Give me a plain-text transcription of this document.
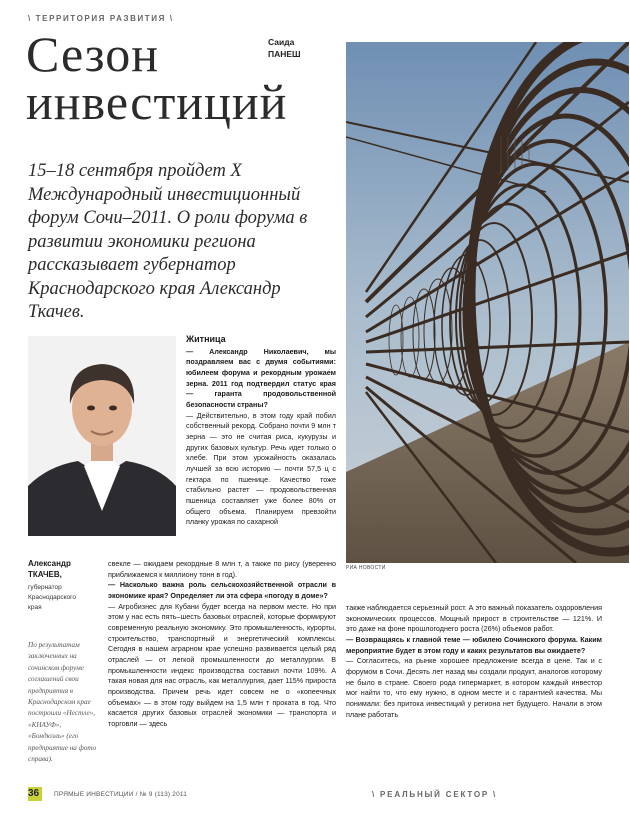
\ ТЕРРИТОРИЯ РАЗВИТИЯ \
Сезон
инвестиций
Саида
ПАНЕШ
15–18 сентября пройдет X Международный инвестиционный форум Сочи–2011. О роли форума в развитии экономики региона рассказывает губернатор Краснодарского края Александр Ткачев.
РИА НОВОСТИ
Александр
ТКАЧЕВ,
губернатор
Краснодарского
края
По результатам заключенных на сочинском форуме соглашений свои предприятия в Краснодарском крае построили «Нестле», «КНАУФ», «Бондюэль» (его предприятие на фото справа).
Житница

— Александр Николаевич, мы поздравляем вас с двумя событиями: юбилеем форума и рекордным урожаем зерна. 2011 год подтвердил статус края — гаранта продовольственной безопасности страны?

— Действительно, в этом году край побил собственный рекорд. Собрано почти 9 млн т зерна — это не считая риса, кукурузы и других базовых культур. Речь идет только о хлебе. При этом урожайность оказалась лучшей за всю историю — почти 57,5 ц с гектара по пшенице. Качество тоже стабильно растет — продовольственная пшеница составляет уже более 80% от общего объема. Планируем превзойти планку урожая по сахарной

свекле — ожидаем рекордные 8 млн т, а также по рису (уверенно приближаемся к миллиону тонн в год).

— Насколько важна роль сельскохозяйственной отрасли в экономике края? Определяет ли эта сфера «погоду в доме»?

— Агробизнес для Кубани будет всегда на первом месте. Но при этом у нас есть пять–шесть базовых отраслей, которые формируют современную реальную экономику. Это промышленность, курорты, строительство, транспортный и энергетический комплексы. Сегодня в нашем аграрном крае успешно развивается целый ряд отраслей — от легкой промышленности до металлургии. В промышленности индекс производства составил почти 109%. А такая новая для нас отрасль, как металлургия, дает 115% прироста производства. Причем речь идет совсем не о «копеечных объемах» — в этом году выйдем на 1,5 млн т проката в год. Что касается других базовых отраслей экономики — транспорта и торговли — здесь

также наблюдается серьезный рост. А это важный показатель оздоровления экономических процессов. Мощный прирост в строительстве — 121%. И это даже на фоне прошлогоднего роста (26%) объемов работ.

— Возвращаясь к главной теме — юбилею Сочинского форума. Каким мероприятие будет в этом году и каких результатов вы ожидаете?

— Согласитесь, на рынке хорошее предложение всегда в цене. Так и с форумом в Сочи. Десять лет назад мы создали продукт, аналогов которому не было в стране. Своего рода гипермаркет, в котором каждый инвестор мог найти то, что ему нужно, в одном месте и с гарантией качества. Мы понимали: без притока инвестиций у региона нет будущего. Начали в этом плане работать

36	ПРЯМЫЕ ИНВЕСТИЦИИ / № 9 (113) 2011	\ РЕАЛЬНЫЙ СЕКТОР \
